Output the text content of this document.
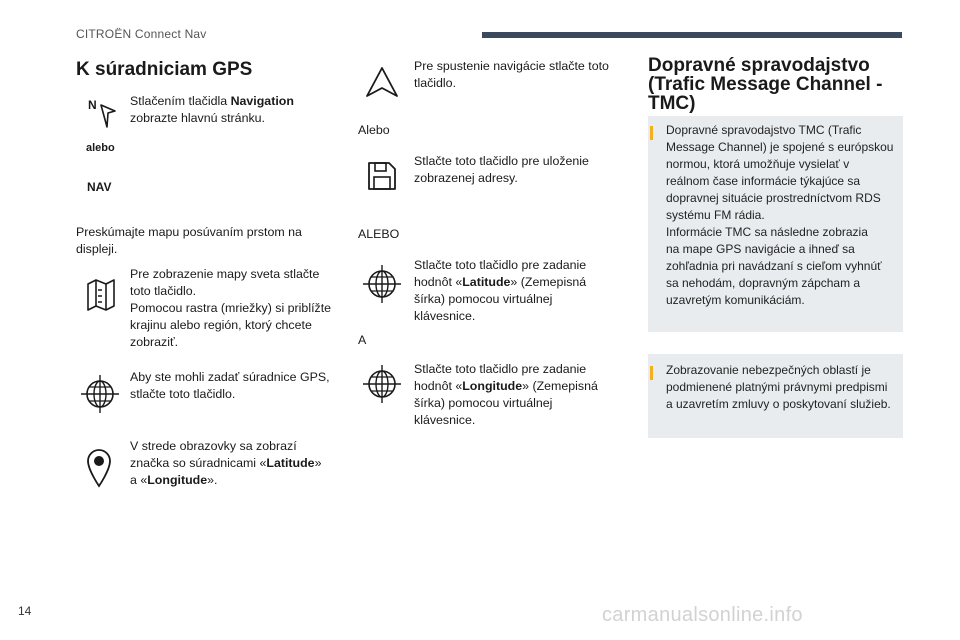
CITROËN Connect Nav
K súradniciam GPS
N	Stlačením tlačidla Navigation zobrazte hlavnú stránku.
alebo
NAV
Preskúmajte mapu posúvaním prstom na displeji.
Pre zobrazenie mapy sveta stlačte
toto tlačidlo.
Pomocou rastra (mriežky) si priblížte
krajinu alebo región, ktorý chcete
zobraziť.
Aby ste mohli zadať súradnice GPS,
stlačte toto tlačidlo.
V strede obrazovky sa zobrazí
značka so súradnicami «Latitude»
a «Longitude».
Pre spustenie navigácie stlačte toto
tlačidlo.
Alebo
Stlačte toto tlačidlo pre uloženie
zobrazenej adresy.
ALEBO
Stlačte toto tlačidlo pre zadanie
hodnôt «Latitude» (Zemepisná
šírka) pomocou virtuálnej
klávesnice.
A
Stlačte toto tlačidlo pre zadanie
hodnôt «Longitude» (Zemepisná
šírka) pomocou virtuálnej
klávesnice.
Dopravné spravodajstvo
(Trafic Message Channel -
TMC)
Dopravné spravodajstvo TMC (Trafic
Message Channel) je spojené s európskou
normou, ktorá umožňuje vysielať v
reálnom čase informácie týkajúce sa
dopravnej situácie prostredníctvom RDS
systému FM rádia.
Informácie TMC sa následne zobrazia
na mape GPS navigácie a ihneď sa
zohľadnia pri navádzaní s cieľom vyhnúť
sa nehodám, dopravným zápcham a
uzavretým komunikáciám.
Zobrazovanie nebezpečných oblastí je
podmienené platnými právnymi predpismi
a uzavretím zmluvy o poskytovaní služieb.
14	carmanualsonline.info
